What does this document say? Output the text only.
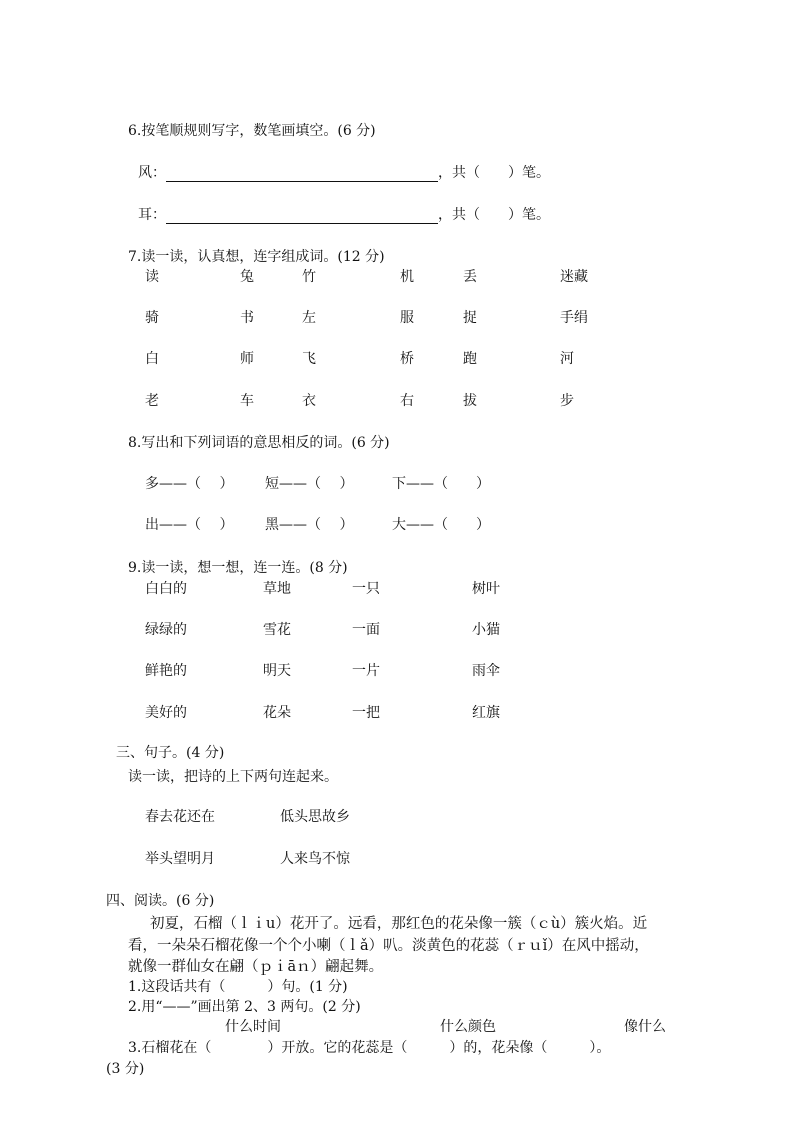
6.按笔顺规则写字，数笔画填空。(6 分)
风：	，共（　　）笔。
耳：	，共（　　）笔。
7.读一读，认真想，连字组成词。(12 分)
读	兔	竹	机	丢	迷藏
骑	书	左	服	捉	手绢
白	师	飞	桥	跑	河
老	车	衣	右	拔	步
8.写出和下列词语的意思相反的词。(6 分)
多——（　 ） 短——（　 ）	下——（　　）
出——（　 ） 黑——（　 ）	大——（　　）
9.读一读，想一想，连一连。(8 分)
白白的	草地	一只	树叶
绿绿的	雪花	一面	小猫
鲜艳的	明天	一片	雨伞
美好的	花朵	一把	红旗
三、句子。(4 分)
读一读，把诗的上下两句连起来。
春去花还在	低头思故乡
举头望明月	人来鸟不惊
四、阅读。(6 分)
初夏，石榴（ｌｉu）花开了。远看，那红色的花朵像一簇（ｃù）簇火焰。近
看，一朵朵石榴花像一个个小喇（ｌǎ）叭。淡黄色的花蕊（ｒｕǐ）在风中摇动，
就像一群仙女在翩（ｐｉāｎ）翩起舞。
1.这段话共有（　　　）句。(1 分)
2.用“——”画出第 2、3 两句。(2 分)
什么时间	什么颜色	像什么
3.石榴花在（　　　　）开放。它的花蕊是（　　　）的，花朵像（　　　）。
(3 分)
